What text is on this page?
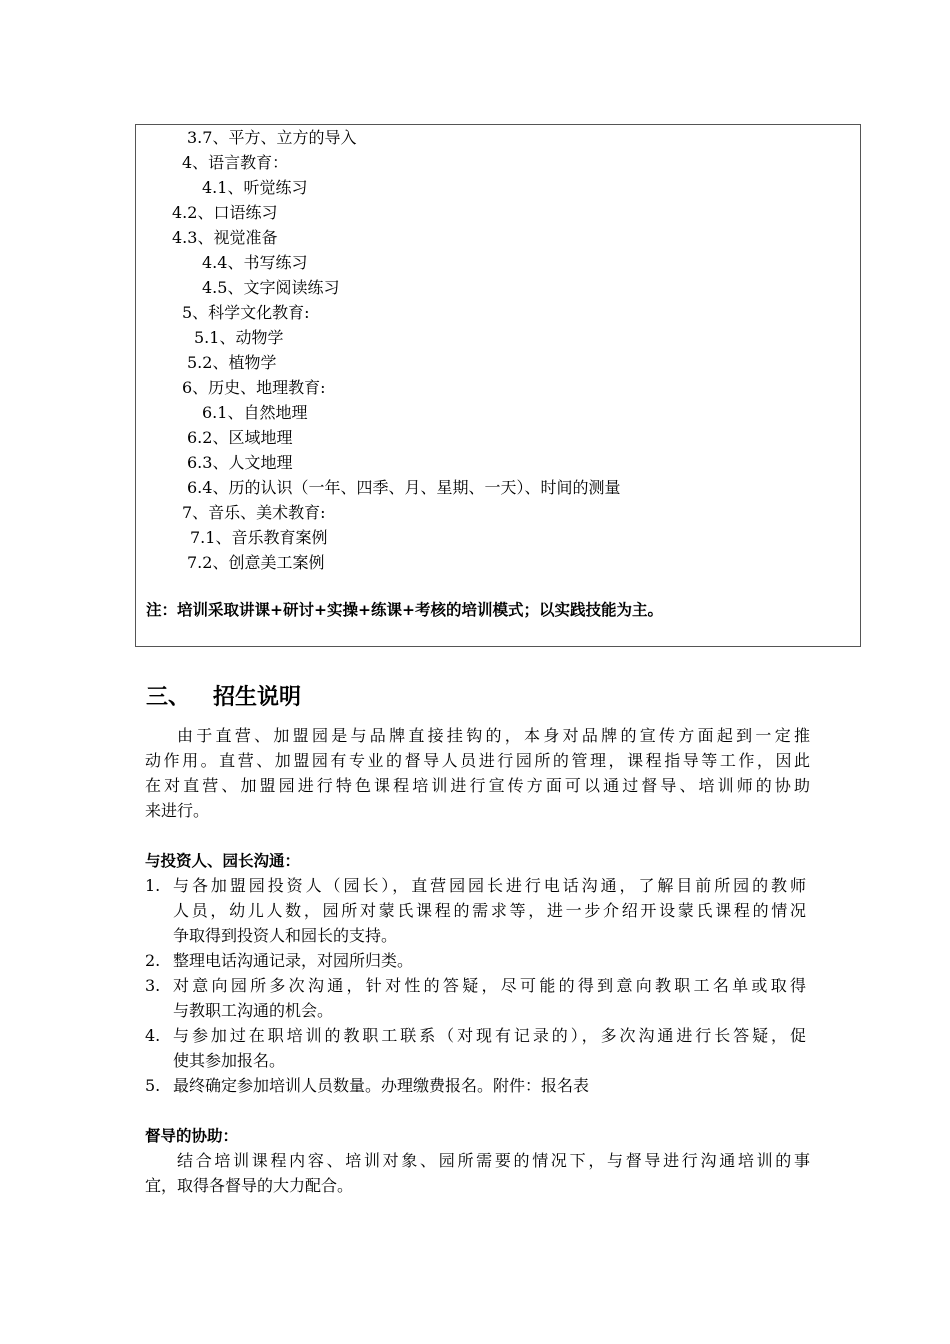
3.7、平方、立方的导入
4、语言教育：
4.1、听觉练习
4.2、口语练习
4.3、视觉准备
4.4、书写练习
4.5、文字阅读练习
5、科学文化教育:
5.1、动物学
5.2、植物学
6、历史、地理教育:
6.1、自然地理
6.2、区域地理
6.3、人文地理
6.4、历的认识（一年、四季、月、星期、一天）、时间的测量
7、音乐、美术教育:
7.1、音乐教育案例
7.2、创意美工案例
注：培训采取讲课+研讨+实操+练课+考核的培训模式；以实践技能为主。
三、 招生说明
由于直营、加盟园是与品牌直接挂钩的，本身对品牌的宣传方面起到一定推
动作用。直营、加盟园有专业的督导人员进行园所的管理，课程指导等工作，因此
在对直营、加盟园进行特色课程培训进行宣传方面可以通过督导、培训师的协助
来进行。
与投资人、园长沟通：
1. 与各加盟园投资人（园长），直营园园长进行电话沟通，了解目前所园的教师
人员，幼儿人数，园所对蒙氏课程的需求等，进一步介绍开设蒙氏课程的情况
争取得到投资人和园长的支持。
2. 整理电话沟通记录，对园所归类。
3. 对意向园所多次沟通，针对性的答疑，尽可能的得到意向教职工名单或取得
与教职工沟通的机会。
4. 与参加过在职培训的教职工联系（对现有记录的），多次沟通进行长答疑，促
使其参加报名。
5. 最终确定参加培训人员数量。办理缴费报名。附件：报名表
督导的协助：
结合培训课程内容、培训对象、园所需要的情况下，与督导进行沟通培训的事
宜，取得各督导的大力配合。
